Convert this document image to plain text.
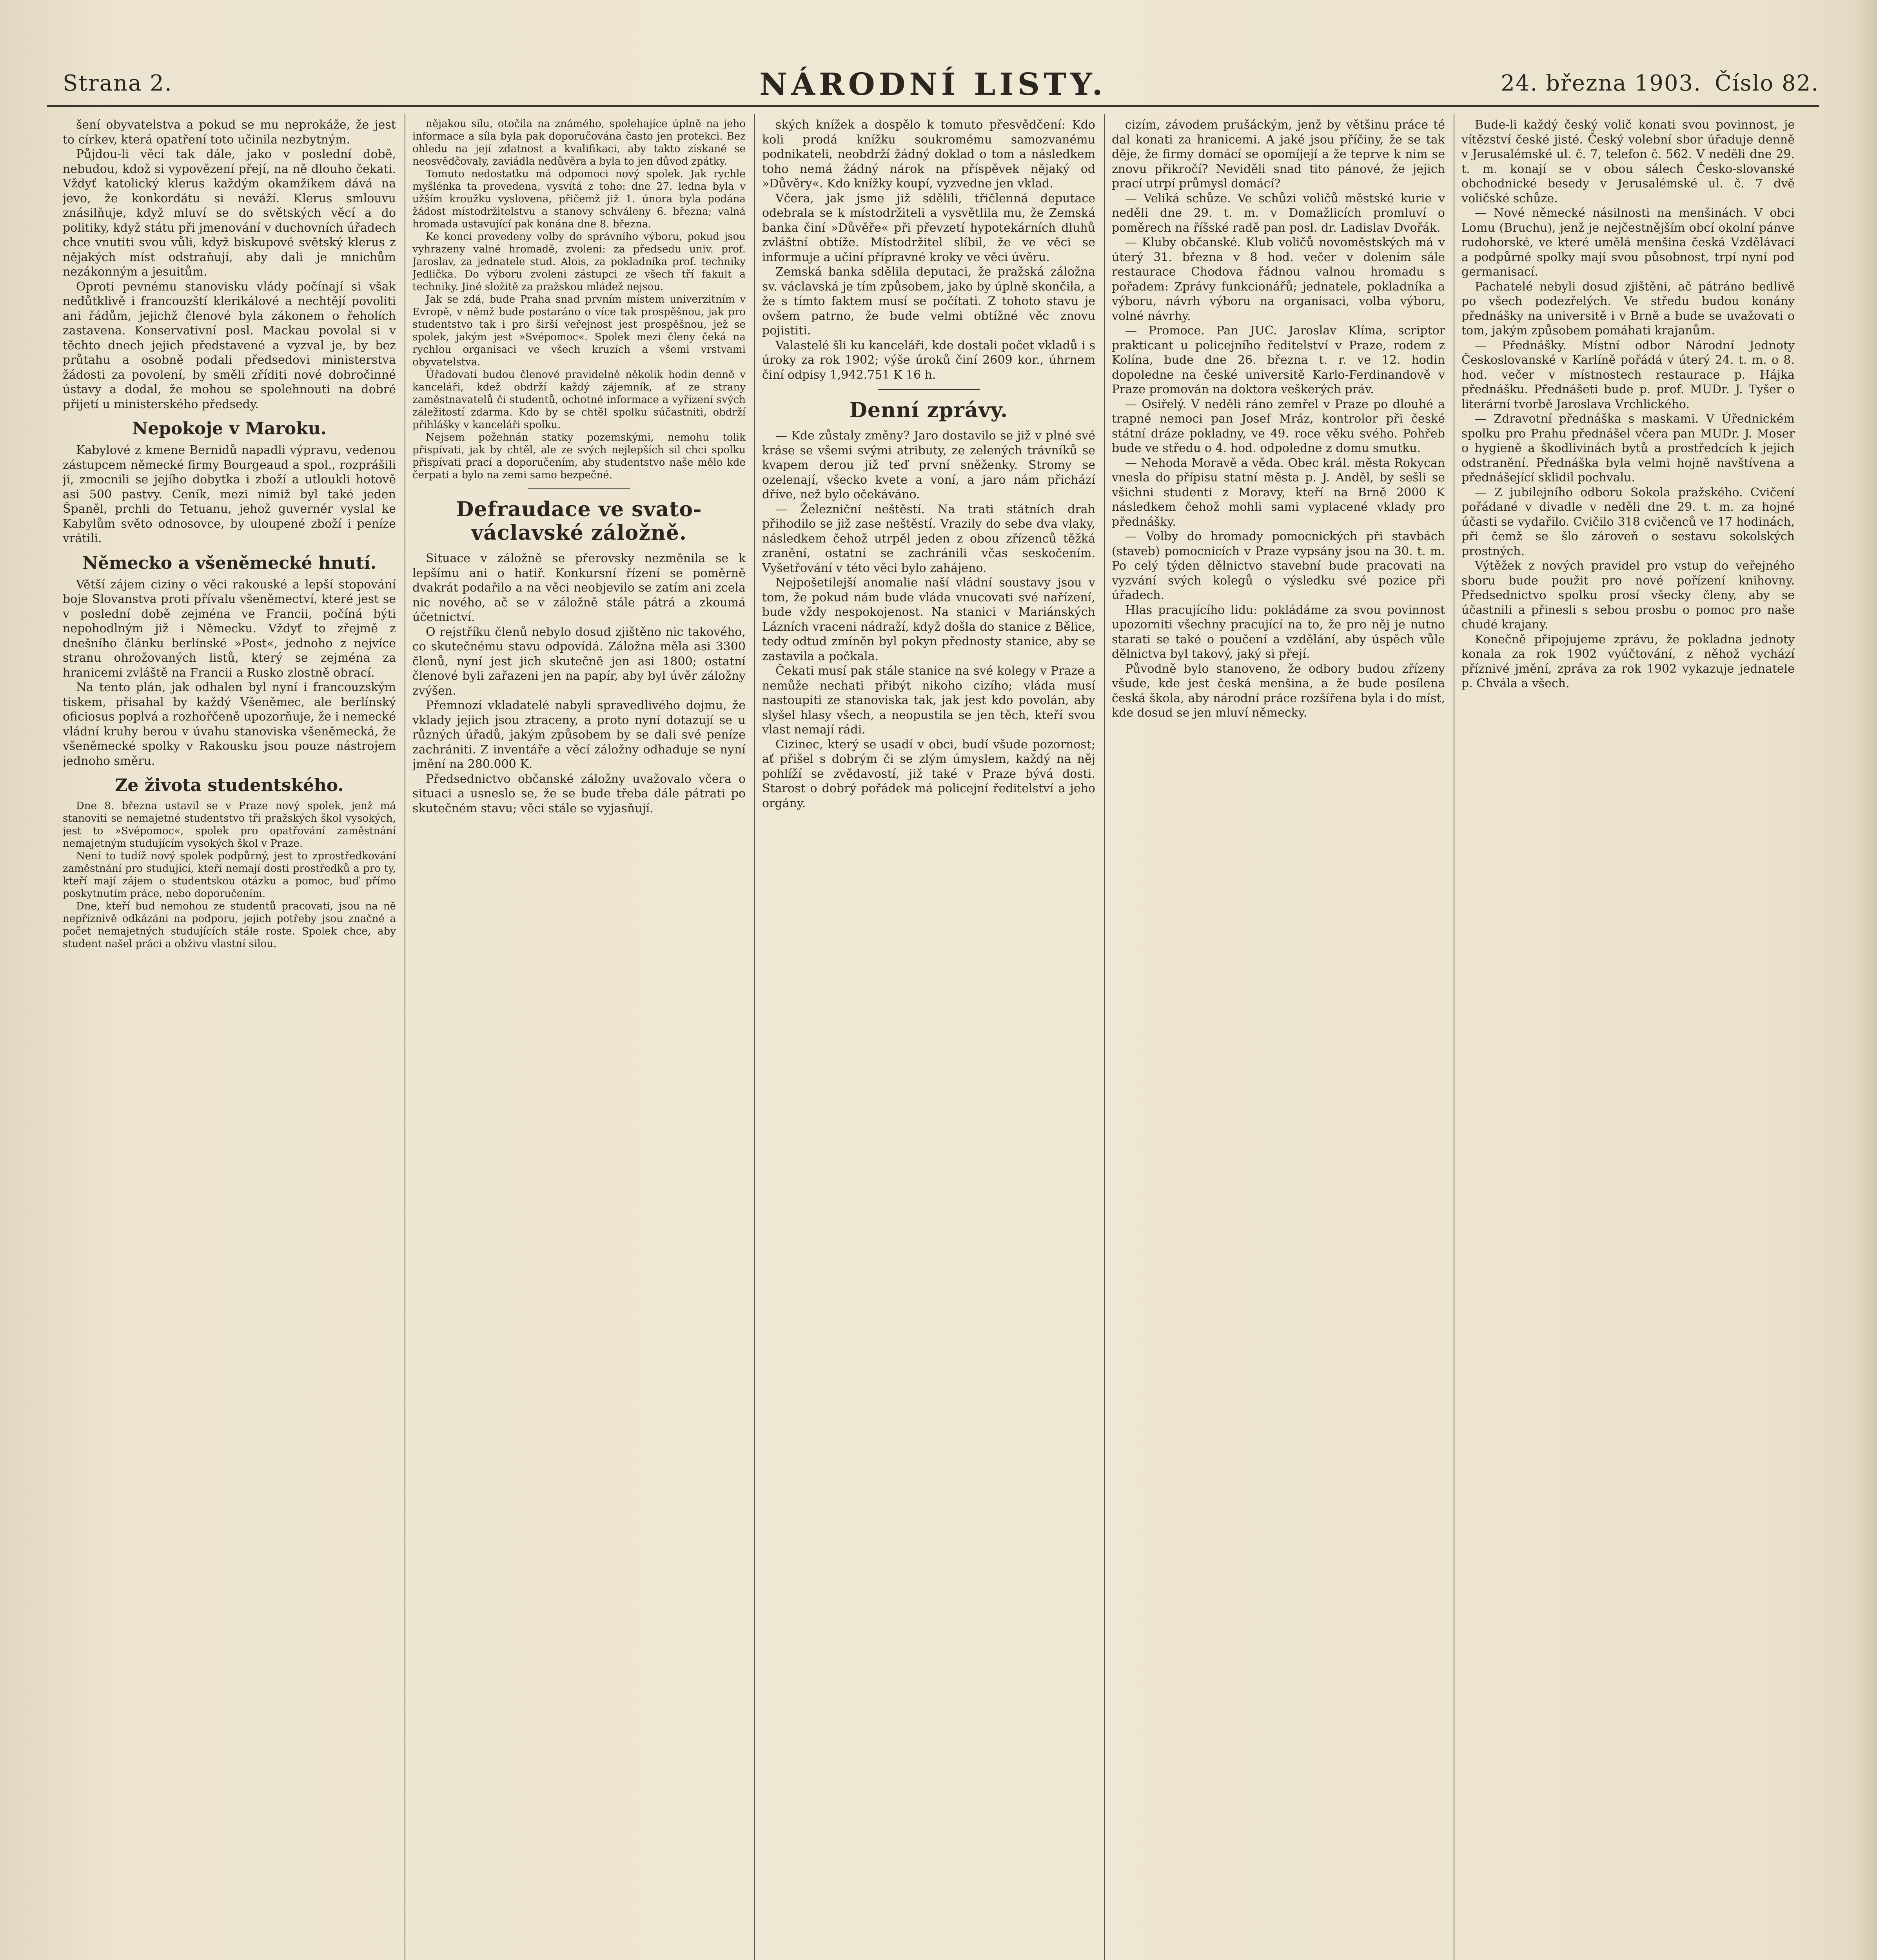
Strana 2.	NÁRODNÍ LISTY.	24. března 1903. Číslo 82.

šení obyvatelstva a pokud se mu neprokáže, že jest to církev, která opatření toto učinila nezbytným.

Půjdou-li věci tak dále, jako v poslední době, nebudou, kdož si vypovězení přejí, na ně dlouho čekati. Vždyť katolický klerus každým okamžikem dává na jevo, že konkordátu si neváží. Klerus smlouvu znásilňuje, když mluví se do světských věcí a do politiky, když státu při jmenování v duchovních úřadech chce vnutiti svou vůli, když biskupové světský klerus z nějakých míst odstraňují, aby dali je mnichům nezákonným a jesuitům.

Oproti pevnému stanovisku vlády počínají si však nedůtklivě i francouzští klerikálové a nechtějí povoliti ani řádům, jejichž členové byla zákonem o řeholích zastavena. Konservativní posl. Mackau povolal si v těchto dnech jejich představené a vyzval je, by bez průtahu a osobně podali předsedovi ministerstva žádosti za povolení, by směli zříditi nové dobročinné ústavy a dodal, že mohou se spolehnouti na dobré přijetí u ministerského předsedy.

Nepokoje v Maroku.

Kabylové z kmene Bernidů napadli výpravu, vedenou zástupcem německé firmy Bourgeaud a spol., rozprášili ji, zmocnili se jejího dobytka i zboží a utloukli hotově asi 500 pastvy. Ceník, mezi nimiž byl také jeden Španěl, prchli do Tetuanu, jehož guvernér vyslal ke Kabylům světo odnosovce, by uloupené zboží i peníze vrátili.

Německo a všeněmecké hnutí.

Větší zájem ciziny o věci rakouské a lepší stopování boje Slovanstva proti přívalu všeněmectví, které jest se v poslední době zejména ve Francii, počíná býti nepohodlným již i Německu. Vždyť to zřejmě z dnešního článku berlínské »Post«, jednoho z nejvíce stranu ohrožovaných listů, který se zejména za hranicemi zvláště na Francii a Rusko zlostně obrací.

Na tento plán, jak odhalen byl nyní i francouzským tiskem, přisahal by každý Všeněmec, ale berlínský oficiosus poplvá a rozhořčeně upozorňuje, že i nemecké vládní kruhy berou v úvahu stanoviska všeněmecká, že všeněmecké spolky v Rakousku jsou pouze nástrojem jednoho směru.

Ze života studentského.

Dne 8. března ustavil se v Praze nový spolek, jenž má stanoviti se nemajetné studentstvo tři pražských škol vysokých, jest to »Svépomoc«, spolek pro opatřování zaměstnání nemajetným studujícím vysokých škol v Praze.

Není to tudíž nový spolek podpůrný, jest to zprostředkování zaměstnání pro studující, kteří nemají dosti prostředků a pro ty, kteří mají zájem o studentskou otázku a pomoc, buď přímo poskytnutím práce, nebo doporučením.

Dne, kteří bud nemohou ze studentů pracovati, jsou na ně nepříznivě odkázáni na podporu, jejich potřeby jsou značné a počet nemajetných studujících stále roste. Spolek chce, aby student našel práci a obživu vlastní silou.

nějakou sílu, otočila na známého, spolehajíce úplně na jeho informace a síla byla pak doporučována často jen protekci. Bez ohledu na její zdatnost a kvalifikaci, aby takto získané se neosvědčovaly, zaviádla nedůvěra a byla to jen důvod zpátky.

Tomuto nedostatku má odpomoci nový spolek. Jak rychle myšlénka ta provedena, vysvítá z toho: dne 27. ledna byla v užším kroužku vyslovena, přičemž již 1. února byla podána žádost místodržitelstvu a stanovy schváleny 6. března; valná hromada ustavující pak konána dne 8. března.

Ke konci provedeny volby do správního výboru, pokud jsou vyhrazeny valné hromadě, zvoleni: za předsedu univ. prof. Jaroslav, za jednatele stud. Alois, za pokladníka prof. techniky Jedlička. Do výboru zvoleni zástupci ze všech tří fakult a techniky. Jiné složitě za pražskou mládež nejsou.

Jak se zdá, bude Praha snad prvním místem univerzitním v Evropě, v němž bude postaráno o více tak prospěšnou, jak pro studentstvo tak i pro širší veřejnost jest prospěšnou, jež se spolek, jakým jest »Svépomoc«. Spolek mezi členy čeká na rychlou organisaci ve všech kruzích a všemi vrstvami obyvatelstva.

Úřadovati budou členové pravidelně několik hodin denně v kanceláři, kdež obdrží každý zájemník, ať ze strany zaměstnavatelů či studentů, ochotné informace a vyřízení svých záležitostí zdarma. Kdo by se chtěl spolku súčastniti, obdrží přihlášky v kanceláři spolku.

Nejsem požehnán statky pozemskými, nemohu tolik přispívati, jak by chtěl, ale ze svých nejlepších sil chci spolku přispívati prací a doporučením, aby studentstvo naše mělo kde čerpati a bylo na zemi samo bezpečné.

Defraudace ve svato-václavské záložně.

Situace v záložně se přerovsky nezměnila se k lepšímu ani o hatiř. Konkursní řízení se poměrně dvakrát podařilo a na věci neobjevilo se zatím ani zcela nic nového, ač se v záložně stále pátrá a zkoumá účetnictví.

O rejstříku členů nebylo dosud zjištěno nic takového, co skutečnému stavu odpovídá. Záložna měla asi 3300 členů, nyní jest jich skutečně jen asi 1800; ostatní členové byli zařazeni jen na papír, aby byl úvěr záložny zvýšen.

Přemnozí vkladatelé nabyli spravedlivého dojmu, že vklady jejich jsou ztraceny, a proto nyní dotazují se u různých úřadů, jakým způsobem by se dali své peníze zachrániti. Z inventáře a věcí záložny odhaduje se nyní jmění na 280.000 K.

Předsednictvo občanské záložny uvažovalo včera o situaci a usneslo se, že se bude třeba dále pátrati po skutečném stavu; věci stále se vyjasňují.

ských knížek a dospělo k tomuto přesvědčení: Kdo koli prodá knížku soukromému samozvanému podnikateli, neobdrží žádný doklad o tom a následkem toho nemá žádný nárok na příspěvek nějaký od »Důvěry«. Kdo knížky koupí, vyzvedne jen vklad.

Včera, jak jsme již sdělili, třičlenná deputace odebrala se k místodržiteli a vysvětlila mu, že Zemská banka činí »Důvěře« při převzetí hypotekárních dluhů zvláštní obtíže. Místodržitel slíbil, že ve věci se informuje a učiní přípravné kroky ve věci úvěru.

Zemská banka sdělila deputaci, že pražská záložna sv. václavská je tím způsobem, jako by úplně skončila, a že s tímto faktem musí se počítati. Z tohoto stavu je ovšem patrno, že bude velmi obtížné věc znovu pojistiti.

Valastelé šli ku kanceláři, kde dostali počet vkladů i s úroky za rok 1902; výše úroků činí 2609 kor., úhrnem činí odpisy 1,942.751 K 16 h.

Denní zprávy.

— Kde zůstaly změny? Jaro dostavilo se již v plné své kráse se všemi svými atributy, ze zelených trávníků se kvapem derou již teď první sněženky. Stromy se ozelenají, všecko kvete a voní, a jaro nám přichází dříve, než bylo očekáváno.

— Železniční neštěstí. Na trati státních drah přihodilo se již zase neštěstí. Vrazily do sebe dva vlaky, následkem čehož utrpěl jeden z obou zřízenců těžká zranění, ostatní se zachránili včas seskočením. Vyšetřování v této věci bylo zahájeno.

Nejpošetilejší anomalie naší vládní soustavy jsou v tom, že pokud nám bude vláda vnucovati své nařízení, bude vždy nespokojenost. Na stanici v Mariánských Lázních vraceni nádraží, když došla do stanice z Bělice, tedy odtud zmíněn byl pokyn přednosty stanice, aby se zastavila a počkala.

Čekati musí pak stále stanice na své kolegy v Praze a nemůže nechati přibýt nikoho cizího; vláda musí nastoupiti ze stanoviska tak, jak jest kdo povolán, aby slyšel hlasy všech, a neopustila se jen těch, kteří svou vlast nemají rádi.

Cizinec, který se usadí v obci, budí všude pozornost; ať přišel s dobrým či se zlým úmyslem, každý na něj pohlíží se zvědavostí, již také v Praze bývá dosti. Starost o dobrý pořádek má policejní ředitelství a jeho orgány.

cizím, závodem prušáckým, jenž by většinu práce té dal konati za hranicemi. A jaké jsou příčiny, že se tak děje, že firmy domácí se opomíjejí a že teprve k nim se znovu přikročí? Neviděli snad tito pánové, že jejich prací utrpí průmysl domácí?

— Veliká schůze. Ve schůzi voličů městské kurie v neděli dne 29. t. m. v Domažlicích promluví o poměrech na říšské radě pan posl. dr. Ladislav Dvořák.

— Kluby občanské. Klub voličů novoměstských má v úterý 31. března v 8 hod. večer v dolením sále restaurace Chodova řádnou valnou hromadu s pořadem: Zprávy funkcionářů; jednatele, pokladníka a výboru, návrh výboru na organisaci, volba výboru, volné návrhy.

— Promoce. Pan JUC. Jaroslav Klíma, scriptor prakticant u policejního ředitelství v Praze, rodem z Kolína, bude dne 26. března t. r. ve 12. hodin dopoledne na české universitě Karlo-Ferdinandově v Praze promován na doktora veškerých práv.

— Osiřelý. V neděli ráno zemřel v Praze po dlouhé a trapné nemoci pan Josef Mráz, kontrolor při české státní dráze pokladny, ve 49. roce věku svého. Pohřeb bude ve středu o 4. hod. odpoledne z domu smutku.

— Nehoda Moravě a věda. Obec král. města Rokycan vnesla do přípisu statní města p. J. Anděl, by sešli se všichni studenti z Moravy, kteří na Brně 2000 K následkem čehož mohli sami vyplacené vklady pro přednášky.

— Volby do hromady pomocnických při stavbách (staveb) pomocnicích v Praze vypsány jsou na 30. t. m. Po celý týden dělnictvo stavební bude pracovati na vyzvání svých kolegů o výsledku své pozice při úřadech.

Hlas pracujícího lidu: pokládáme za svou povinnost upozorniti všechny pracující na to, že pro něj je nutno starati se také o poučení a vzdělání, aby úspěch vůle dělnictva byl takový, jaký si přejí.

Původně bylo stanoveno, že odbory budou zřízeny všude, kde jest česká menšina, a že bude posílena česká škola, aby národní práce rozšířena byla i do míst, kde dosud se jen mluví německy.

Bude-li každý český volič konati svou povinnost, je vítězství české jisté. Český volební sbor úřaduje denně v Jerusalémské ul. č. 7, telefon č. 562. V neděli dne 29. t. m. konají se v obou sálech Česko-slovanské obchodnické besedy v Jerusalémské ul. č. 7 dvě voličské schůze.

— Nové německé násilnosti na menšinách. V obci Lomu (Bruchu), jenž je nejčestnějším obcí okolní pánve rudohorské, ve které umělá menšina česká Vzdělávací a podpůrné spolky mají svou působnost, trpí nyní pod germanisací.

Pachatelé nebyli dosud zjištěni, ač pátráno bedlivě po všech podezřelých. Ve středu budou konány přednášky na universitě i v Brně a bude se uvažovati o tom, jakým způsobem pomáhati krajanům.

— Přednášky. Místní odbor Národní Jednoty Českoslovanské v Karlíně pořádá v úterý 24. t. m. o 8. hod. večer v místnostech restaurace p. Hájka přednášku. Přednášeti bude p. prof. MUDr. J. Tyšer o literární tvorbě Jaroslava Vrchlického.

— Zdravotní přednáška s maskami. V Úřednickém spolku pro Prahu přednášel včera pan MUDr. J. Moser o hygieně a škodlivinách bytů a prostředcích k jejich odstranění. Přednáška byla velmi hojně navštívena a přednášející sklidil pochvalu.

— Z jubilejního odboru Sokola pražského. Cvičení pořádané v divadle v neděli dne 29. t. m. za hojné účasti se vydařilo. Cvičilo 318 cvičenců ve 17 hodinách, při čemž se šlo zároveň o sestavu sokolských prostných.

Výtěžek z nových pravidel pro vstup do veřejného sboru bude použit pro nové pořízení knihovny. Předsednictvo spolku prosí všecky členy, aby se účastnili a přinesli s sebou prosbu o pomoc pro naše chudé krajany.

Konečně připojujeme zprávu, že pokladna jednoty konala za rok 1902 vyúčtování, z něhož vychází příznivé jmění, zpráva za rok 1902 vykazuje jednatele p. Chvála a všech.
